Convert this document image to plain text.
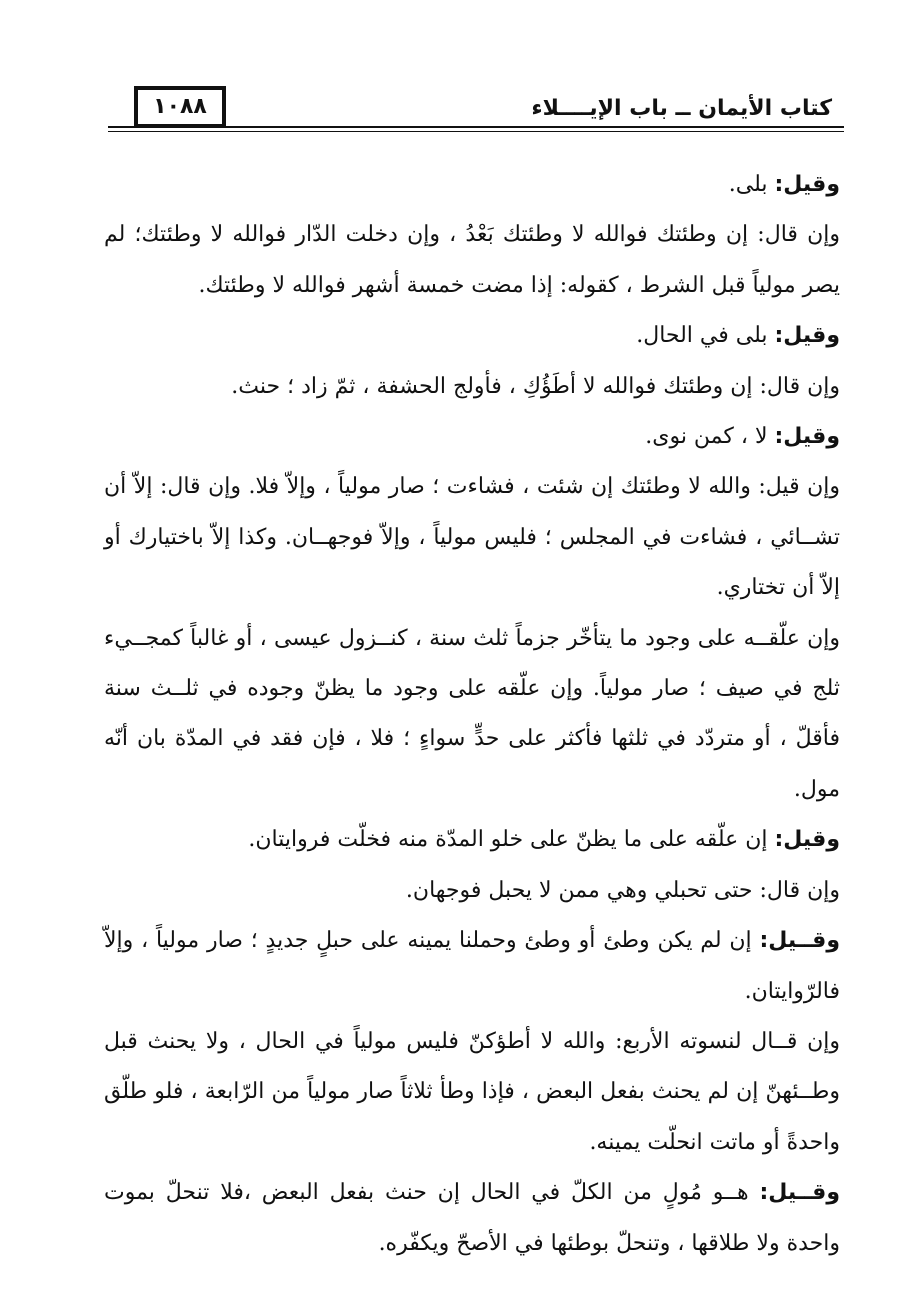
كتاب الأيمان ــ باب الإيــــلاء
١٠٨٨

وقيل: بلى.

وإن قال: إن وطئتك فوالله لا وطئتك بَعْدُ ، وإن دخلت الدّار فوالله لا وطئتك؛ لم يصر مولياً قبل الشرط ، كقوله: إذا مضت خمسة أشهر فوالله لا وطئتك.

وقيل: بلى في الحال.

وإن قال: إن وطئتك فوالله لا أطَؤُكِ ، فأولج الحشفة ، ثمّ زاد ؛ حنث.

وقيل: لا ، كمن نوى.

وإن قيل: والله لا وطئتك إن شئت ، فشاءت ؛ صار مولياً ، وإلاّ فلا. وإن قال: إلاّ أن تشــائي ، فشاءت في المجلس ؛ فليس مولياً ، وإلاّ فوجهــان. وكذا إلاّ باختيارك أو إلاّ أن تختاري.

وإن علّقــه على وجود ما يتأخّر جزماً ثلث سنة ، كنــزول عيسى ، أو غالباً كمجــيء ثلج في صيف ؛ صار مولياً. وإن علّقه على وجود ما يظنّ وجوده في ثلــث سنة فأقلّ ، أو متردّد في ثلثها فأكثر على حدٍّ سواءٍ ؛ فلا ، فإن فقد في المدّة بان أنّه مول.

وقيل: إن علّقه على ما يظنّ على خلو المدّة منه فخلّت فروايتان.

وإن قال: حتى تحبلي وهي ممن لا يحبل فوجهان.

وقــيل: إن لم يكن وطئ أو وطئ وحملنا يمينه على حبلٍ جديدٍ ؛ صار مولياً ، وإلاّ فالرّوايتان.

وإن قــال لنسوته الأربع: والله لا أطؤكنّ فليس مولياً في الحال ، ولا يحنث قبل وطــئهنّ إن لم يحنث بفعل البعض ، فإذا وطأ ثلاثاً صار مولياً من الرّابعة ، فلو طلّق واحدةً أو ماتت انحلّت يمينه.

وقــيل: هــو مُولٍ من الكلّ في الحال إن حنث بفعل البعض ،فلا تنحلّ بموت واحدة ولا طلاقها ، وتنحلّ بوطئها في الأصحّ ويكفّره.
